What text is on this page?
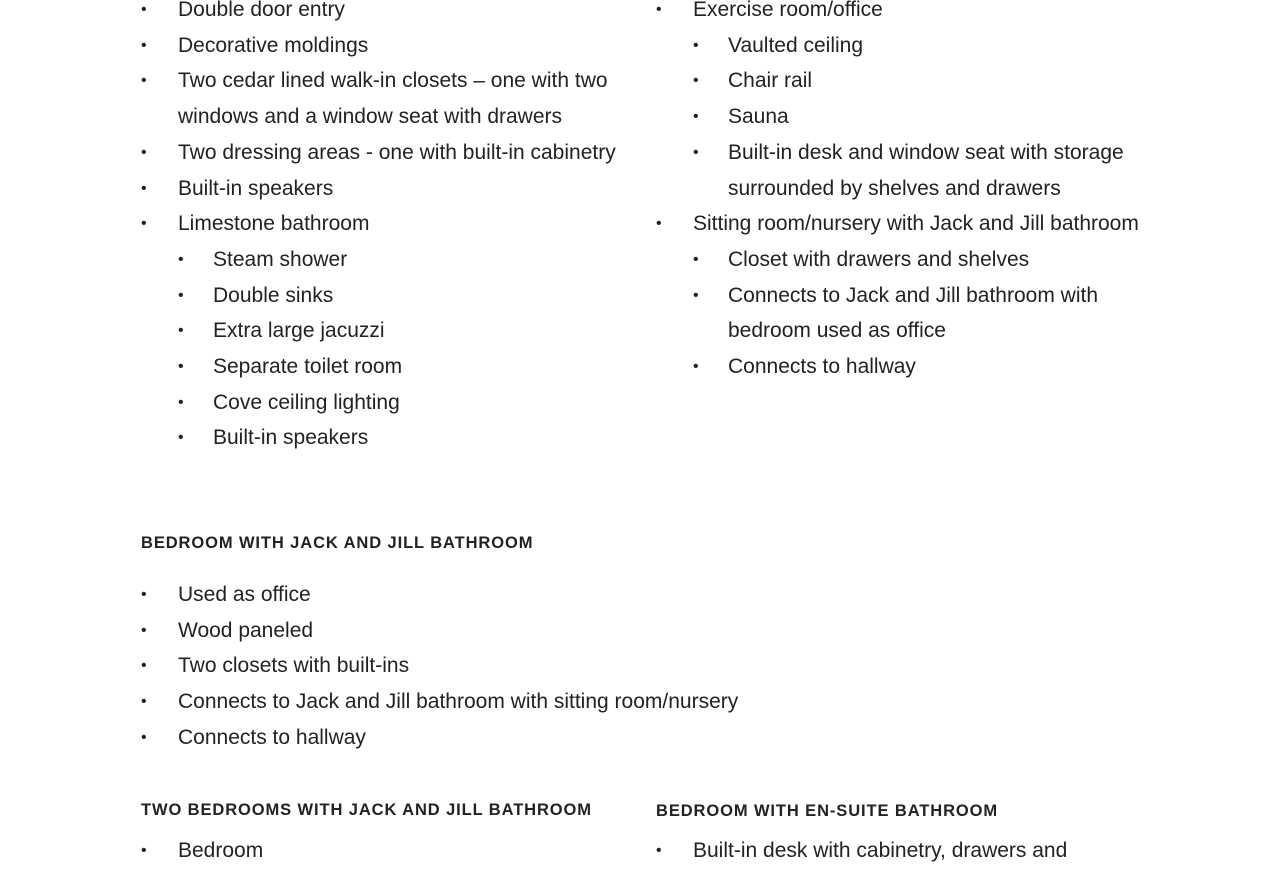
•	Double door entry
•	Decorative moldings
•	Two cedar lined walk-in closets – one with two windows and a window seat with drawers
•	Two dressing areas - one with built-in cabinetry
•	Built-in speakers
•	Limestone bathroom
•	Steam shower
•	Double sinks
•	Extra large jacuzzi
•	Separate toilet room
•	Cove ceiling lighting
•	Built-in speakers
•	Exercise room/office
•	Vaulted ceiling
•	Chair rail
•	Sauna
•	Built-in desk and window seat with storage surrounded by shelves and drawers
•	Sitting room/nursery with Jack and Jill bathroom
•	Closet with drawers and shelves
•	Connects to Jack and Jill bathroom with bedroom used as office
•	Connects to hallway
BEDROOM WITH JACK AND JILL BATHROOM
•	Used as office
•	Wood paneled
•	Two closets with built-ins
•	Connects to Jack and Jill bathroom with sitting room/nursery
•	Connects to hallway
TWO BEDROOMS WITH JACK AND JILL BATHROOM
•	Bedroom
BEDROOM WITH EN-SUITE BATHROOM
•	Built-in desk with cabinetry, drawers and
